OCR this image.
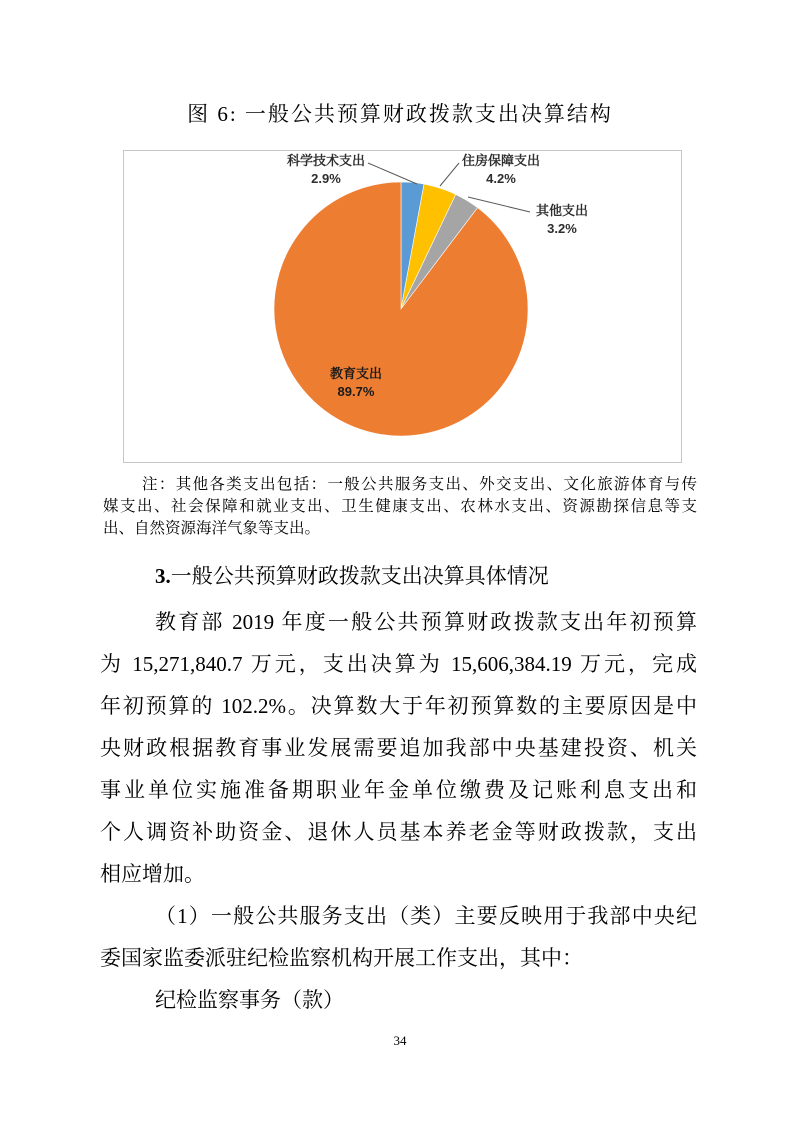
图 6: 一般公共预算财政拨款支出决算结构
科学技术支出
2.9%
住房保障支出
4.2%
其他支出
3.2%
教育支出
89.7%
注：其他各类支出包括：一般公共服务支出、外交支出、文化旅游体育与传
媒支出、社会保障和就业支出、卫生健康支出、农林水支出、资源勘探信息等支
出、自然资源海洋气象等支出。
3.一般公共预算财政拨款支出决算具体情况
教育部 2019 年度一般公共预算财政拨款支出年初预算
为 15,271,840.7 万元，支出决算为 15,606,384.19 万元，完成
年初预算的 102.2%。决算数大于年初预算数的主要原因是中
央财政根据教育事业发展需要追加我部中央基建投资、机关
事业单位实施准备期职业年金单位缴费及记账利息支出和
个人调资补助资金、退休人员基本养老金等财政拨款，支出
相应增加。
（1）一般公共服务支出（类）主要反映用于我部中央纪
委国家监委派驻纪检监察机构开展工作支出，其中：
纪检监察事务（款）
34
